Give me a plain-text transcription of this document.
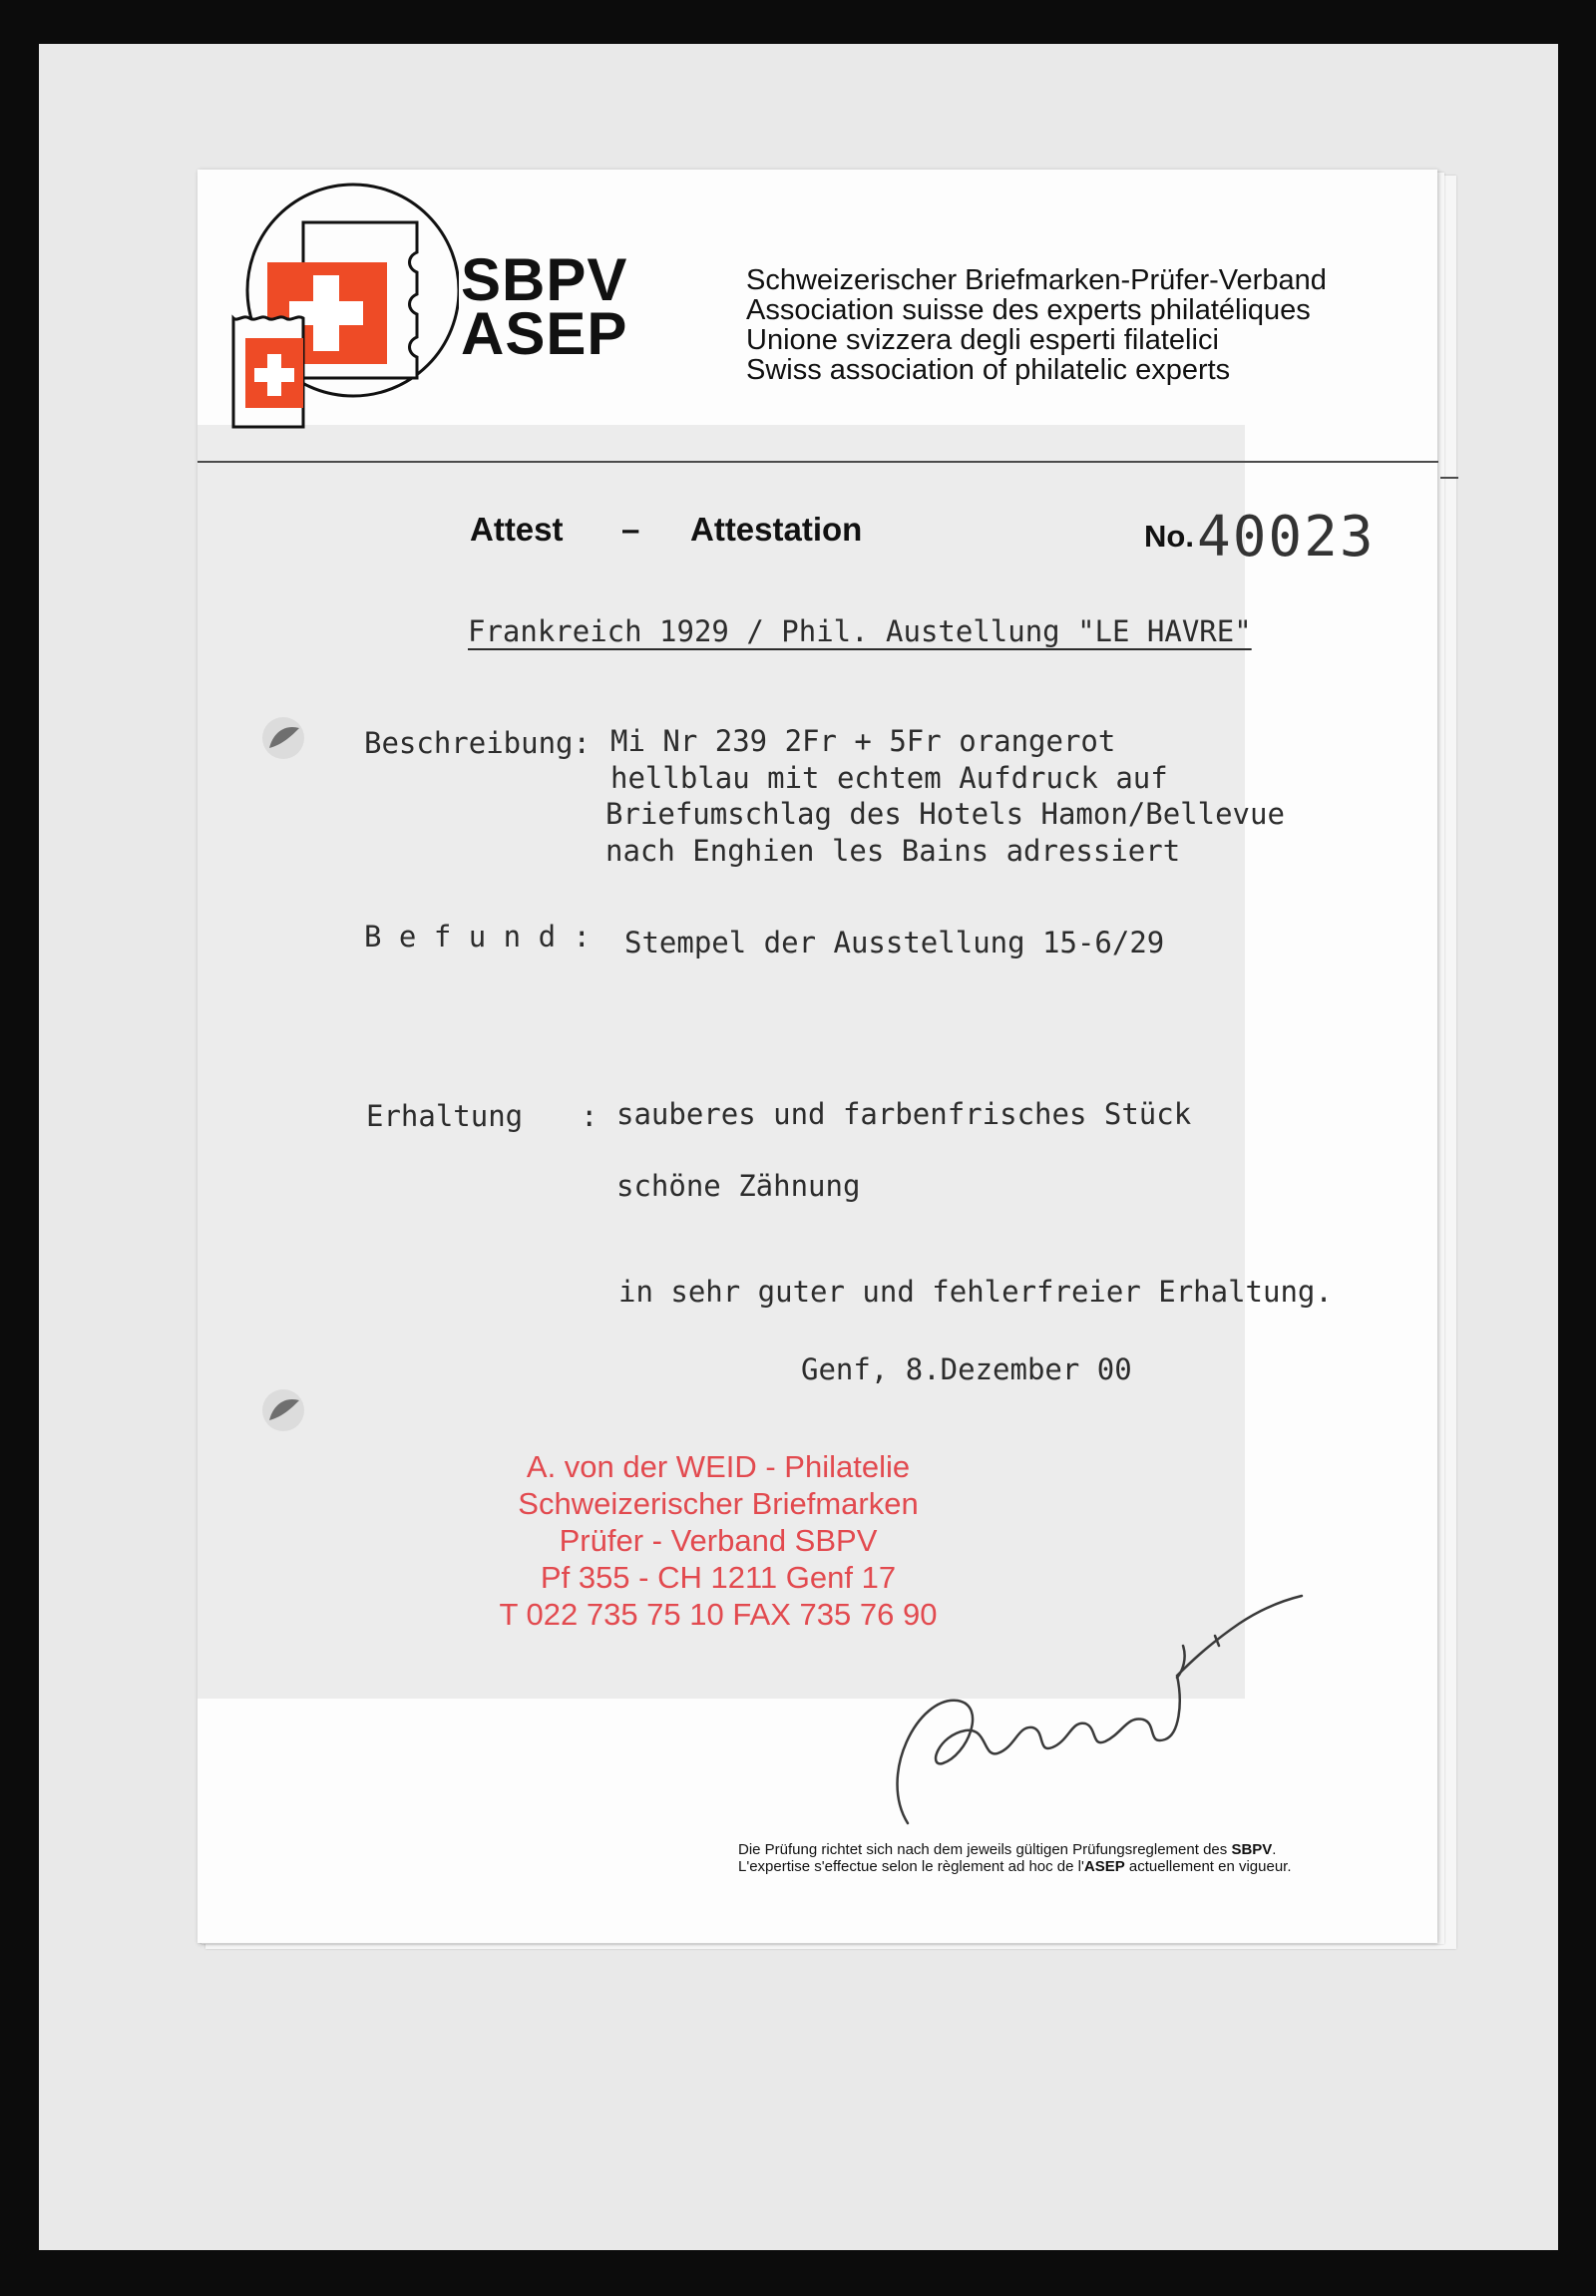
SBPV
ASEP
Schweizerischer Briefmarken-Prüfer-Verband
Association suisse des experts philatéliques
Unione svizzera degli esperti filatelici
Swiss association of philatelic experts
Attest – Attestation	No. 40023
Frankreich 1929 / Phil. Austellung "LE HAVRE"
Beschreibung: Mi Nr 239 2Fr + 5Fr orangerot
hellblau mit echtem Aufdruck auf
Briefumschlag des Hotels Hamon/Bellevue
nach Enghien les Bains adressiert
B e f u n d : Stempel der Ausstellung 15-6/29
Erhaltung : sauberes und farbenfrisches Stück
schöne Zähnung
in sehr guter und fehlerfreier Erhaltung.
Genf, 8.Dezember 00
A. von der WEID - Philatelie
Schweizerischer Briefmarken
Prüfer - Verband SBPV
Pf 355 - CH 1211 Genf 17
T 022 735 75 10 FAX 735 76 90
Die Prüfung richtet sich nach dem jeweils gültigen Prüfungsreglement des SBPV.
L'expertise s'effectue selon le règlement ad hoc de l'ASEP actuellement en vigueur.
